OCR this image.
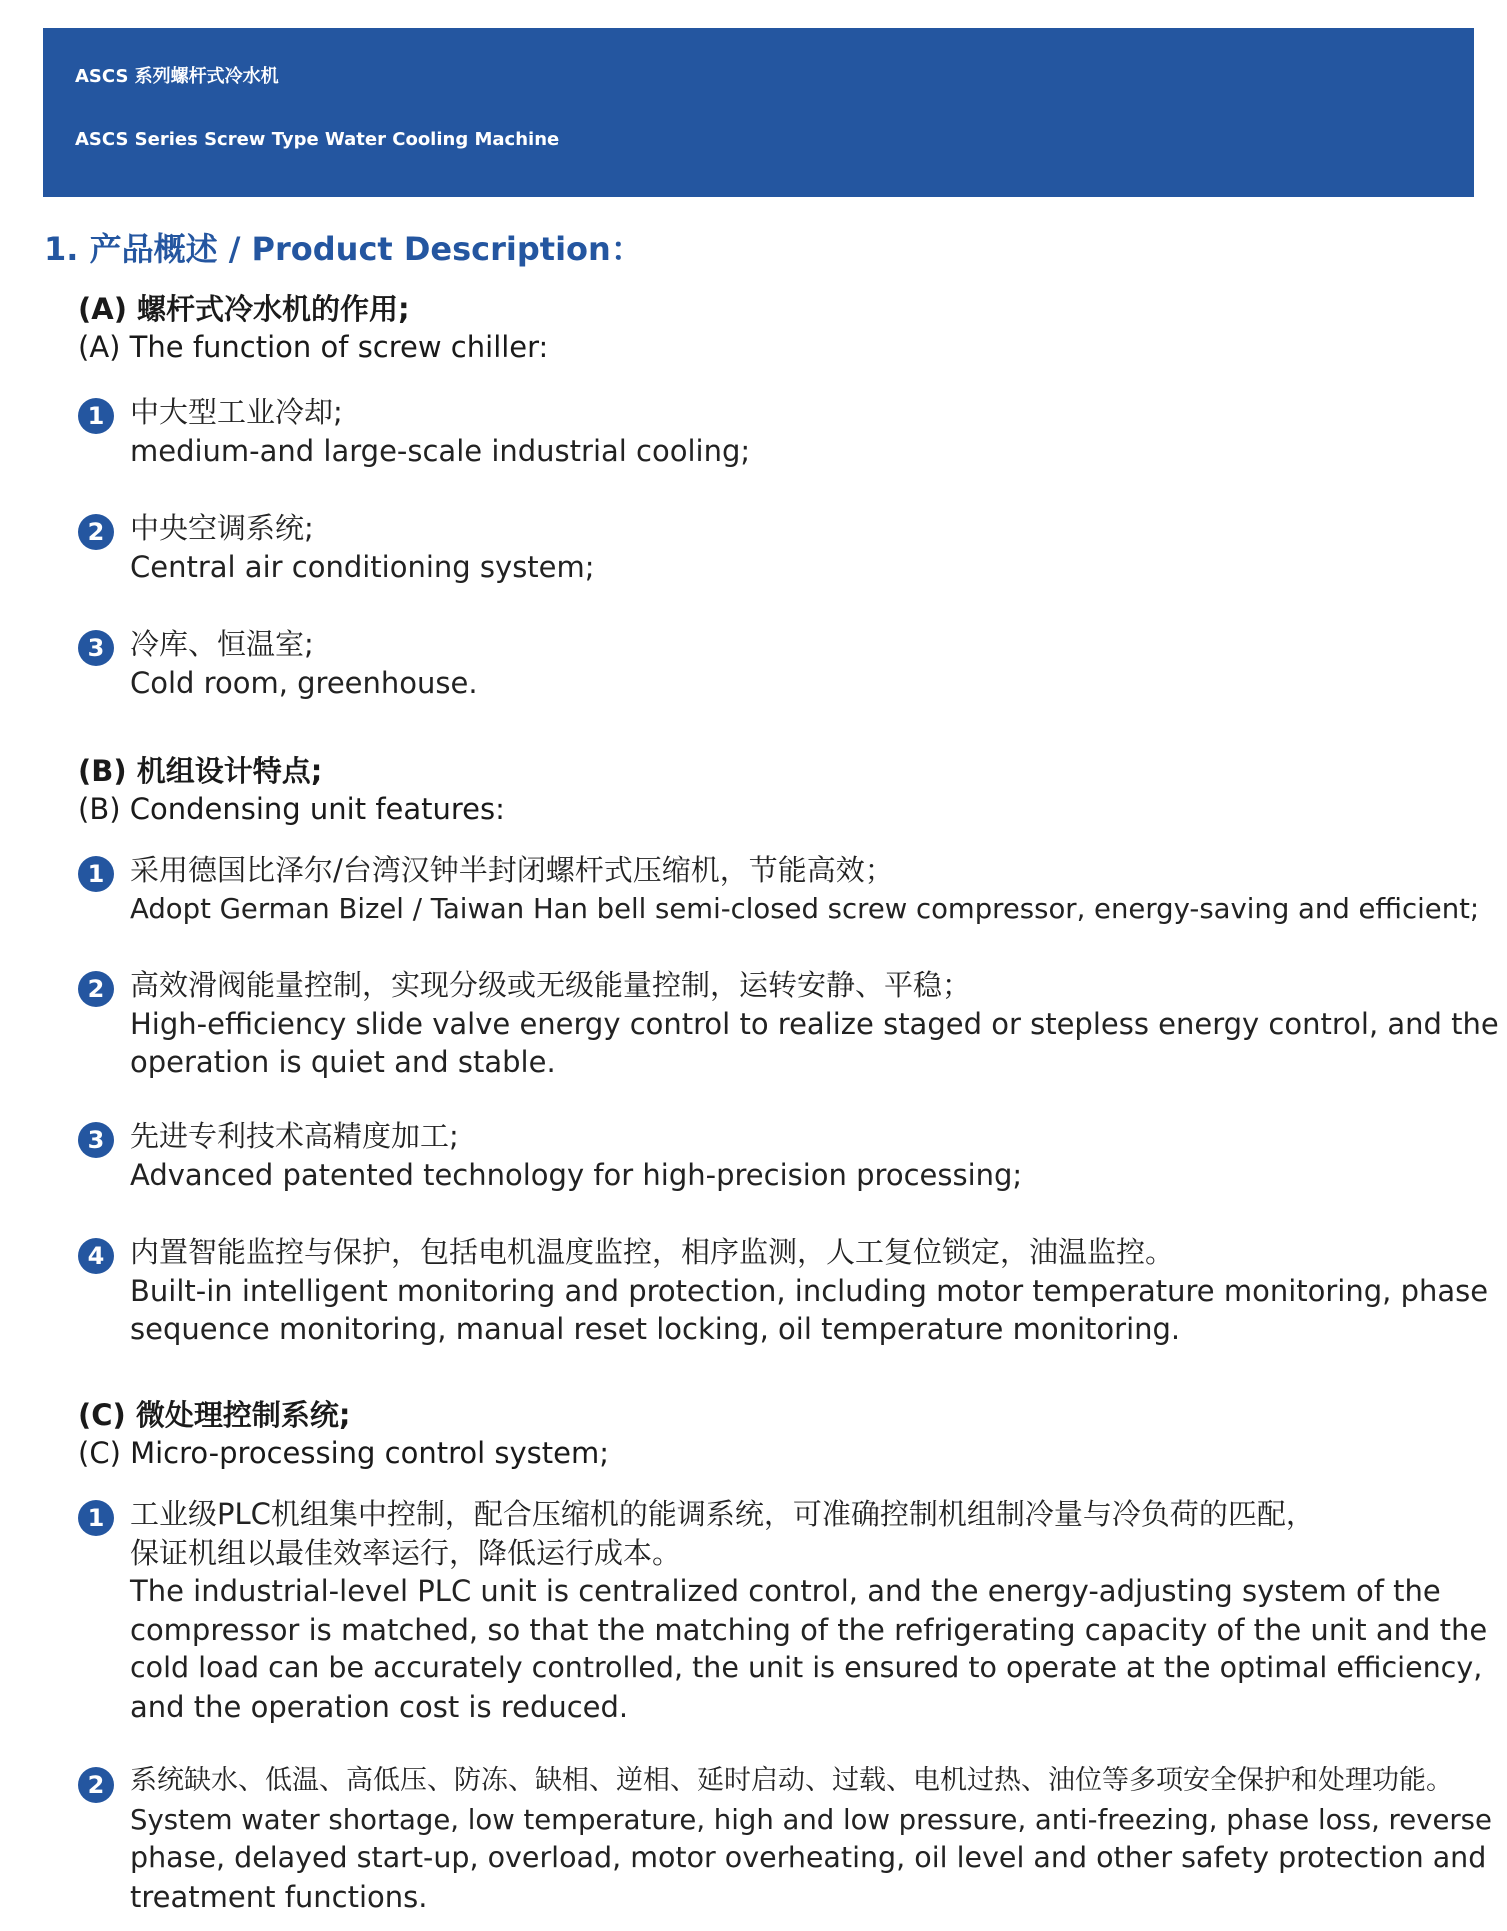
ASCS 系列螺杆式冷水机
ASCS Series Screw Type Water Cooling Machine
1. 产品概述 / Product Description：
(A) 螺杆式冷水机的作用;
(A) The function of screw chiller:
1 中大型工业冷却;
medium-and large-scale industrial cooling;
2 中央空调系统;
Central air conditioning system;
3 冷库、恒温室;
Cold room, greenhouse.
(B) 机组设计特点;
(B) Condensing unit features:
1 采用德国比泽尔/台湾汉钟半封闭螺杆式压缩机，节能高效；
Adopt German Bizel / Taiwan Han bell semi-closed screw compressor, energy-saving and efficient;
2 高效滑阀能量控制，实现分级或无级能量控制，运转安静、平稳；
High-efficiency slide valve energy control to realize staged or stepless energy control, and the
operation is quiet and stable.
3 先进专利技术高精度加工;
Advanced patented technology for high-precision processing;
4 内置智能监控与保护，包括电机温度监控，相序监测，人工复位锁定，油温监控。
Built-in intelligent monitoring and protection, including motor temperature monitoring, phase
sequence monitoring, manual reset locking, oil temperature monitoring.
(C) 微处理控制系统;
(C) Micro-processing control system;
1 工业级PLC机组集中控制，配合压缩机的能调系统，可准确控制机组制冷量与冷负荷的匹配，
保证机组以最佳效率运行，降低运行成本。
The industrial-level PLC unit is centralized control, and the energy-adjusting system of the
compressor is matched, so that the matching of the refrigerating capacity of the unit and the
cold load can be accurately controlled, the unit is ensured to operate at the optimal efficiency,
and the operation cost is reduced.
2 系统缺水、低温、高低压、防冻、缺相、逆相、延时启动、过载、电机过热、油位等多项安全保护和处理功能。
System water shortage, low temperature, high and low pressure, anti-freezing, phase loss, reverse
phase, delayed start-up, overload, motor overheating, oil level and other safety protection and
treatment functions.
